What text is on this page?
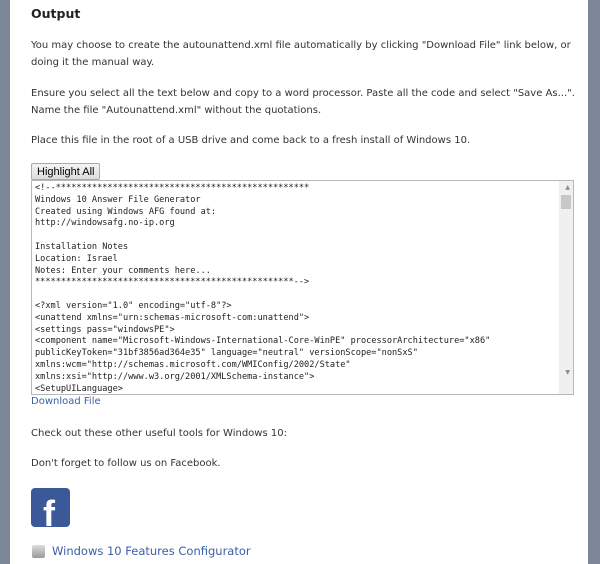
Output
You may choose to create the autounattend.xml file automatically by clicking "Download File" link below, or doing it the manual way.
Ensure you select all the text below and copy to a word processor. Paste all the code and select "Save As...". Name the file "Autounattend.xml" without the quotations.
Place this file in the root of a USB drive and come back to a fresh install of Windows 10.
Highlight All
<!--*************************************************
Windows 10 Answer File Generator
Created using Windows AFG found at:
http://windowsafg.no-ip.org

Installation Notes
Location: Israel
Notes: Enter your comments here...
**************************************************-->

<?xml version="1.0" encoding="utf-8"?>
<unattend xmlns="urn:schemas-microsoft-com:unattend">
<settings pass="windowsPE">
<component name="Microsoft-Windows-International-Core-WinPE" processorArchitecture="x86"
publicKeyToken="31bf3856ad364e35" language="neutral" versionScope="nonSxS"
xmlns:wcm="http://schemas.microsoft.com/WMIConfig/2002/State"
xmlns:xsi="http://www.w3.org/2001/XMLSchema-instance">
<SetupUILanguage>
▲
▼
Download File
Check out these other useful tools for Windows 10:
Don't forget to follow us on Facebook.
f
Windows 10 Features Configurator
